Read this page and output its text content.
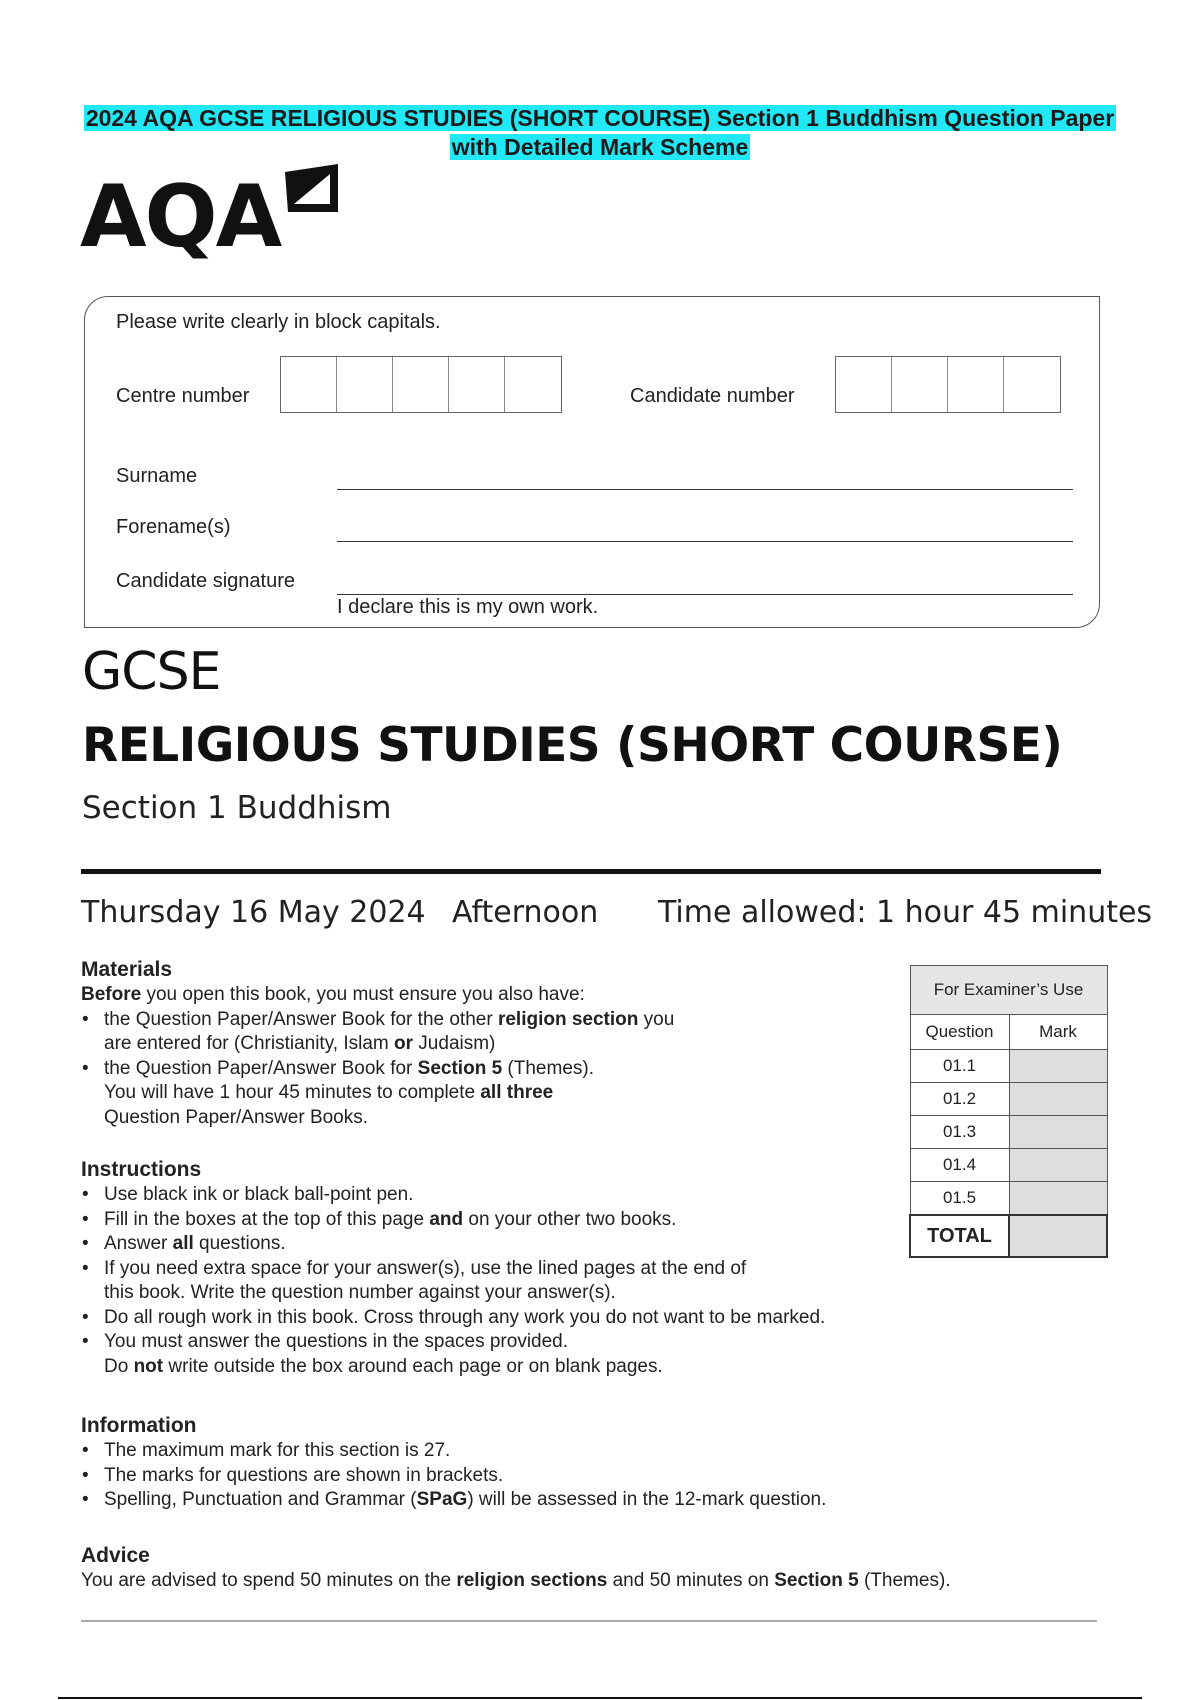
2024 AQA GCSE RELIGIOUS STUDIES (SHORT COURSE) Section 1 Buddhism Question Paper
with Detailed Mark Scheme
AQA
Please write clearly in block capitals.
Centre number	Candidate number
Surname
Forename(s)
Candidate signature
I declare this is my own work.
GCSE
RELIGIOUS STUDIES (SHORT COURSE)
Section 1 Buddhism
Thursday 16 May 2024 Afternoon Time allowed: 1 hour 45 minutes
Materials

Before you open this book, you must ensure you also have:

• the Question Paper/Answer Book for the other religion section you
are entered for (Christianity, Islam or Judaism)
• the Question Paper/Answer Book for Section 5 (Themes).
You will have 1 hour 45 minutes to complete all three
Question Paper/Answer Books.
Instructions
• Use black ink or black ball-point pen.
• Fill in the boxes at the top of this page and on your other two books.
• Answer all questions.
• If you need extra space for your answer(s), use the lined pages at the end of
this book. Write the question number against your answer(s).
• Do all rough work in this book. Cross through any work you do not want to be marked.
• You must answer the questions in the spaces provided.
Do not write outside the box around each page or on blank pages.
Information
• The maximum mark for this section is 27.
• The marks for questions are shown in brackets.
• Spelling, Punctuation and Grammar (SPaG) will be assessed in the 12-mark question.
Advice

You are advised to spend 50 minutes on the religion sections and 50 minutes on Section 5 (Themes).

For Examiner’s Use	
Question	Mark
01.1	
01.2	
01.3	
01.4	
01.5	
TOTAL	
